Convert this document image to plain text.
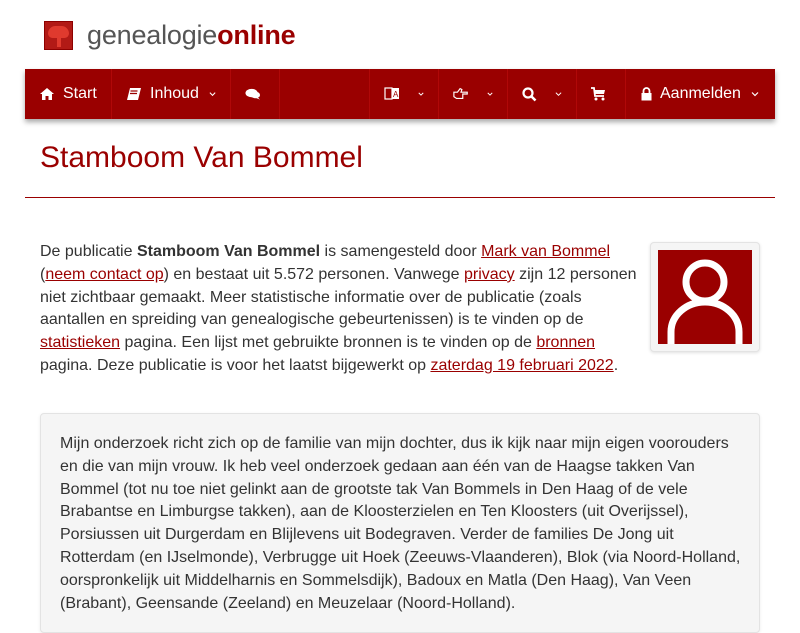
genealogieonline
Start	Inhoud	A	Aanmelden
Stamboom Van Bommel

De publicatie Stamboom Van Bommel is samengesteld door Mark van Bommel (neem contact op) en bestaat uit 5.572 personen. Vanwege privacy zijn 12 personen niet zichtbaar gemaakt. Meer statistische informatie over de publicatie (zoals aantallen en spreiding van genealogische gebeurtenissen) is te vinden op de statistieken pagina. Een lijst met gebruikte bronnen is te vinden op de bronnen pagina. Deze publicatie is voor het laatst bijgewerkt op zaterdag 19 februari 2022.

Mijn onderzoek richt zich op de familie van mijn dochter, dus ik kijk naar mijn eigen voorouders en die van mijn vrouw. Ik heb veel onderzoek gedaan aan één van de Haagse takken Van Bommel (tot nu toe niet gelinkt aan de grootste tak Van Bommels in Den Haag of de vele Brabantse en Limburgse takken), aan de Kloosterzielen en Ten Kloosters (uit Overijssel), Porsiussen uit Durgerdam en Blijlevens uit Bodegraven. Verder de families De Jong uit Rotterdam (en IJselmonde), Verbrugge uit Hoek (Zeeuws-Vlaanderen), Blok (via Noord-Holland, oorspronkelijk uit Middelharnis en Sommelsdijk), Badoux en Matla (Den Haag), Van Veen (Brabant), Geensande (Zeeland) en Meuzelaar (Noord-Holland).
